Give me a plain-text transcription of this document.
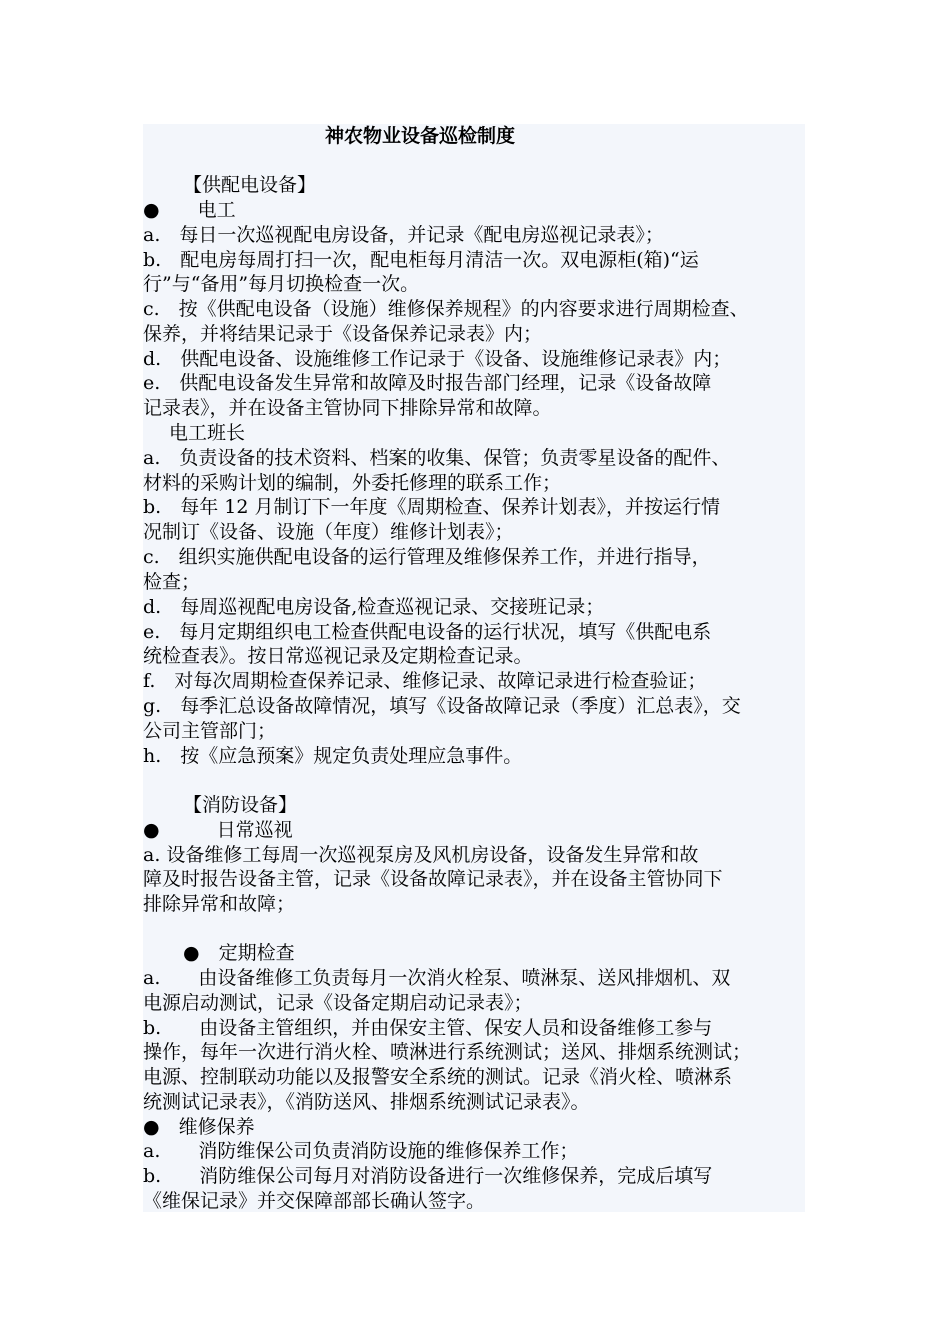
神农物业设备巡检制度
【供配电设备】
●　　电工
a.　每日一次巡视配电房设备，并记录《配电房巡视记录表》；
b.　配电房每周打扫一次，配电柜每月清洁一次。双电源柜(箱)“运
行”与“备用”每月切换检查一次。
c.　按《供配电设备（设施）维修保养规程》的内容要求进行周期检查、
保养，并将结果记录于《设备保养记录表》内；
d.　供配电设备、设施维修工作记录于《设备、设施维修记录表》内；
e.　供配电设备发生异常和故障及时报告部门经理，记录《设备故障
记录表》，并在设备主管协同下排除异常和故障。
电工班长
a.　负责设备的技术资料、档案的收集、保管；负责零星设备的配件、
材料的采购计划的编制，外委托修理的联系工作；
b.　每年 12 月制订下一年度《周期检查、保养计划表》，并按运行情
况制订《设备、设施（年度）维修计划表》；
c.　组织实施供配电设备的运行管理及维修保养工作，并进行指导，
检查；
d.　每周巡视配电房设备,检查巡视记录、交接班记录；
e.　每月定期组织电工检查供配电设备的运行状况，填写《供配电系
统检查表》。按日常巡视记录及定期检查记录。
f.　对每次周期检查保养记录、维修记录、故障记录进行检查验证；
g.　每季汇总设备故障情况，填写《设备故障记录（季度）汇总表》，交
公司主管部门；
h.　按《应急预案》规定负责处理应急事件。
【消防设备】
●　　　日常巡视
a. 设备维修工每周一次巡视泵房及风机房设备，设备发生异常和故
障及时报告设备主管，记录《设备故障记录表》，并在设备主管协同下
排除异常和故障；
●　定期检查
a.　　由设备维修工负责每月一次消火栓泵、喷淋泵、送风排烟机、双
电源启动测试，记录《设备定期启动记录表》；
b.　　由设备主管组织，并由保安主管、保安人员和设备维修工参与
操作，每年一次进行消火栓、喷淋进行系统测试；送风、排烟系统测试；
电源、控制联动功能以及报警安全系统的测试。记录《消火栓、喷淋系
统测试记录表》，《消防送风、排烟系统测试记录表》。
●　维修保养
a.　　消防维保公司负责消防设施的维修保养工作；
b.　　消防维保公司每月对消防设备进行一次维修保养，完成后填写
《维保记录》并交保障部部长确认签字。
